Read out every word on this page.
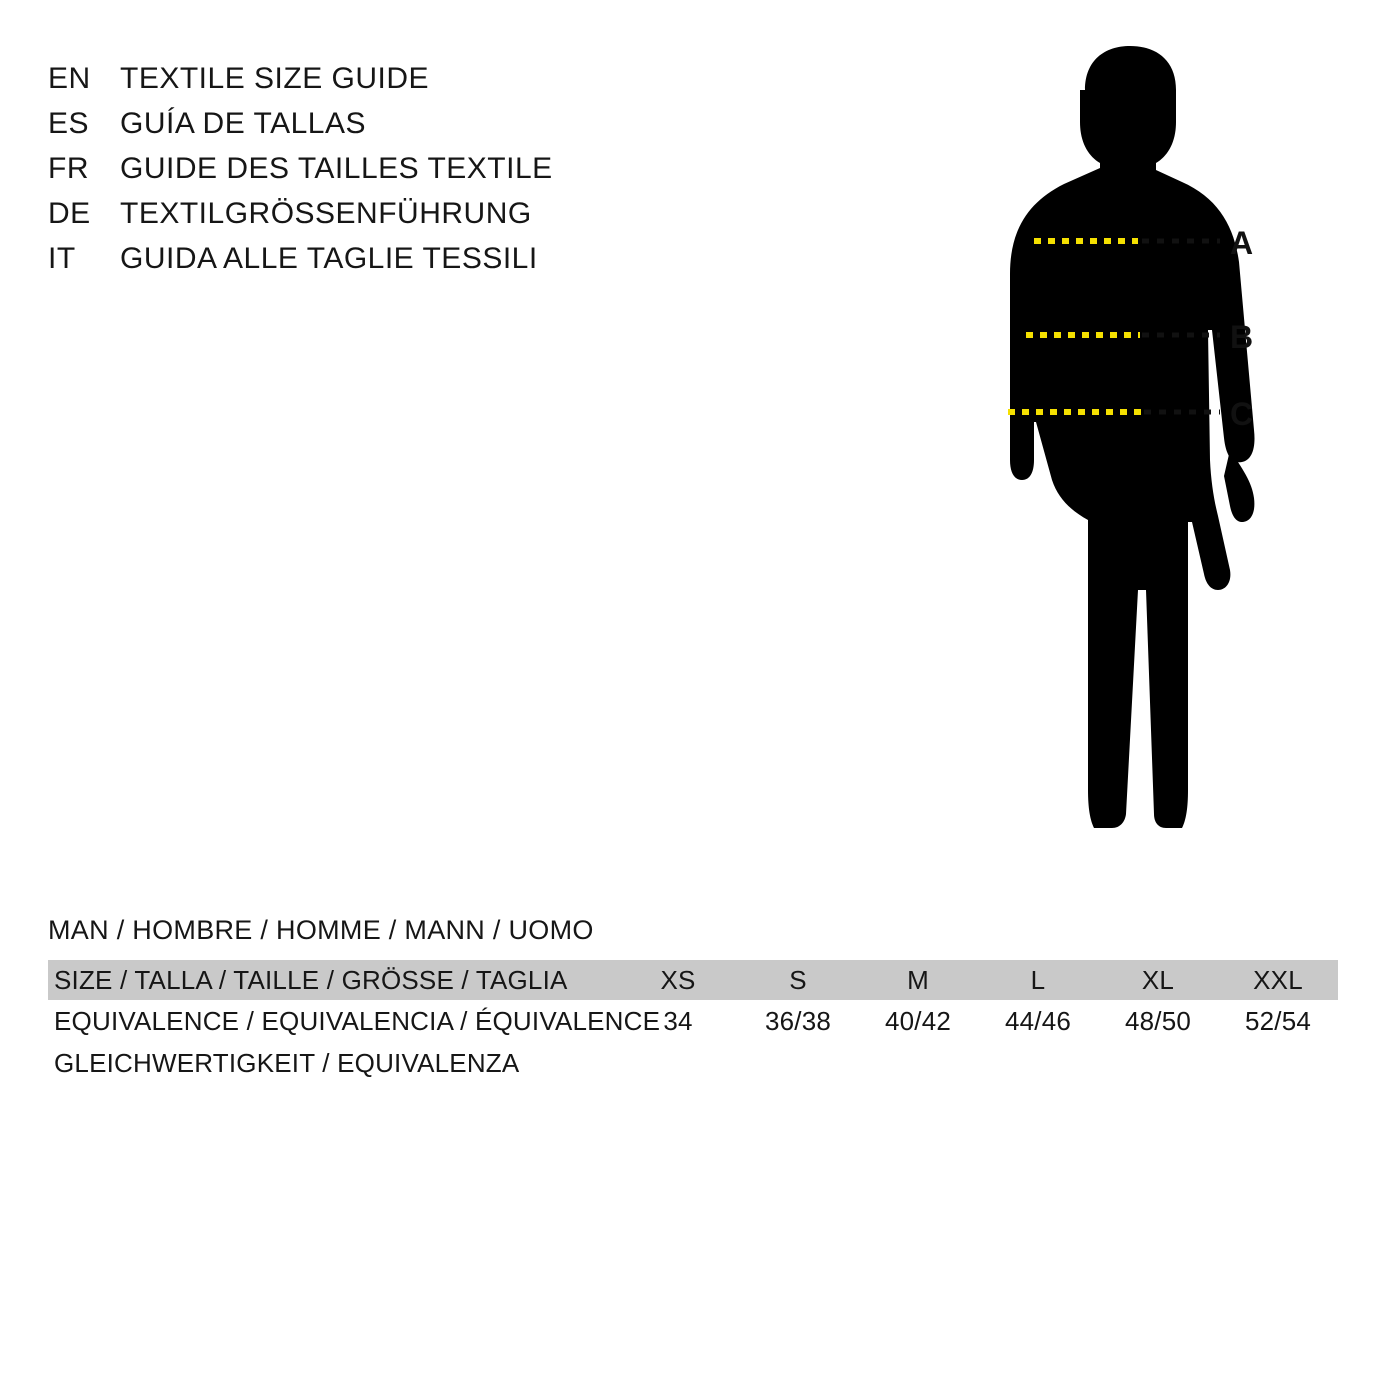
EN TEXTILE SIZE GUIDE
ES	GUÍA DE TALLAS
FR	GUIDE DES TAILLES TEXTILE
DE TEXTILGRÖSSENFÜHRUNG
IT	GUIDA ALLE TAGLIE TESSILI	A
B
C
MAN / HOMBRE / HOMME / MANN / UOMO
SIZE / TALLA / TAILLE / GRÖSSE / TAGLIA	XS	S	M	L	XL	XXL
EQUIVALENCE / EQUIVALENCIA / ÉQUIVALENCE	34	36/38	40/42	44/46	48/50	52/54
GLEICHWERTIGKEIT / EQUIVALENZA
